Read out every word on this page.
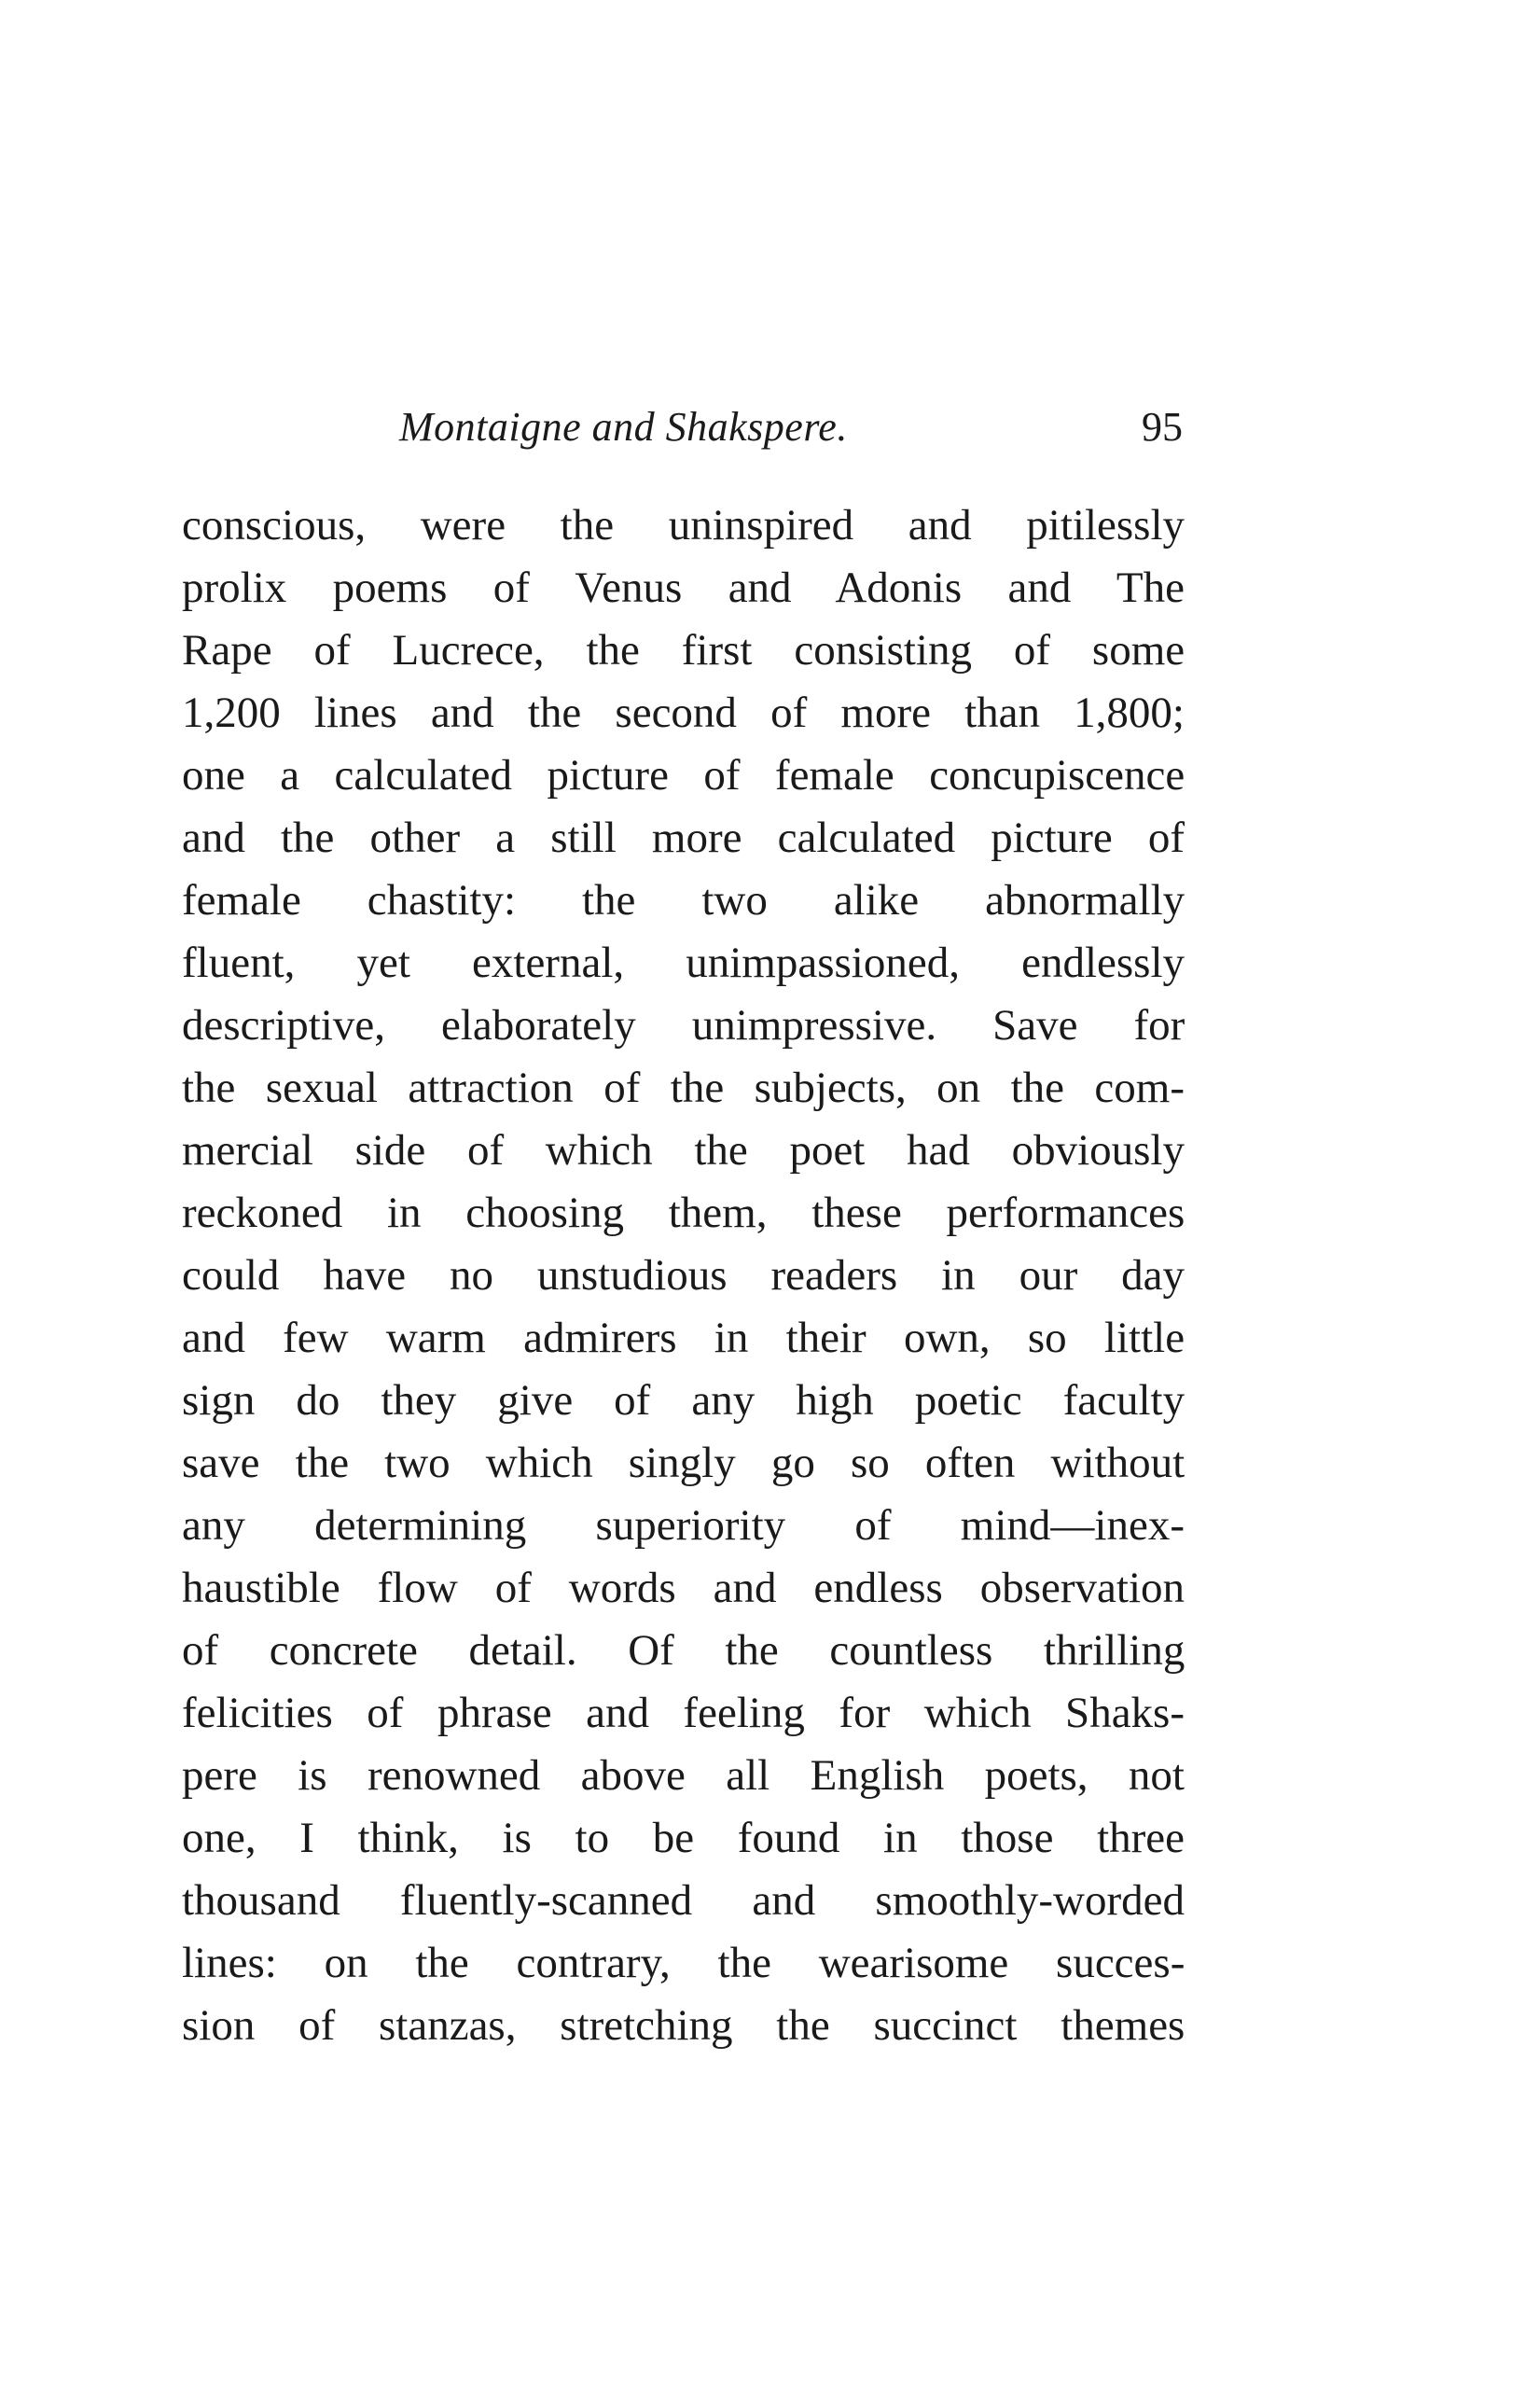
Montaigne and Shakspere.	95
conscious, were the uninspired and pitilessly
prolix poems of Venus and Adonis and The
Rape of Lucrece, the first consisting of some
1,200 lines and the second of more than 1,800;
one a calculated picture of female concupiscence
and the other a still more calculated picture of
female chastity: the two alike abnormally
fluent, yet external, unimpassioned, endlessly
descriptive, elaborately unimpressive. Save for
the sexual attraction of the subjects, on the com-
mercial side of which the poet had obviously
reckoned in choosing them, these performances
could have no unstudious readers in our day
and few warm admirers in their own, so little
sign do they give of any high poetic faculty
save the two which singly go so often without
any determining superiority of mind—inex-
haustible flow of words and endless observation
of concrete detail. Of the countless thrilling
felicities of phrase and feeling for which Shaks-
pere is renowned above all English poets, not
one, I think, is to be found in those three
thousand fluently-scanned and smoothly-worded
lines: on the contrary, the wearisome succes-
sion of stanzas, stretching the succinct themes
